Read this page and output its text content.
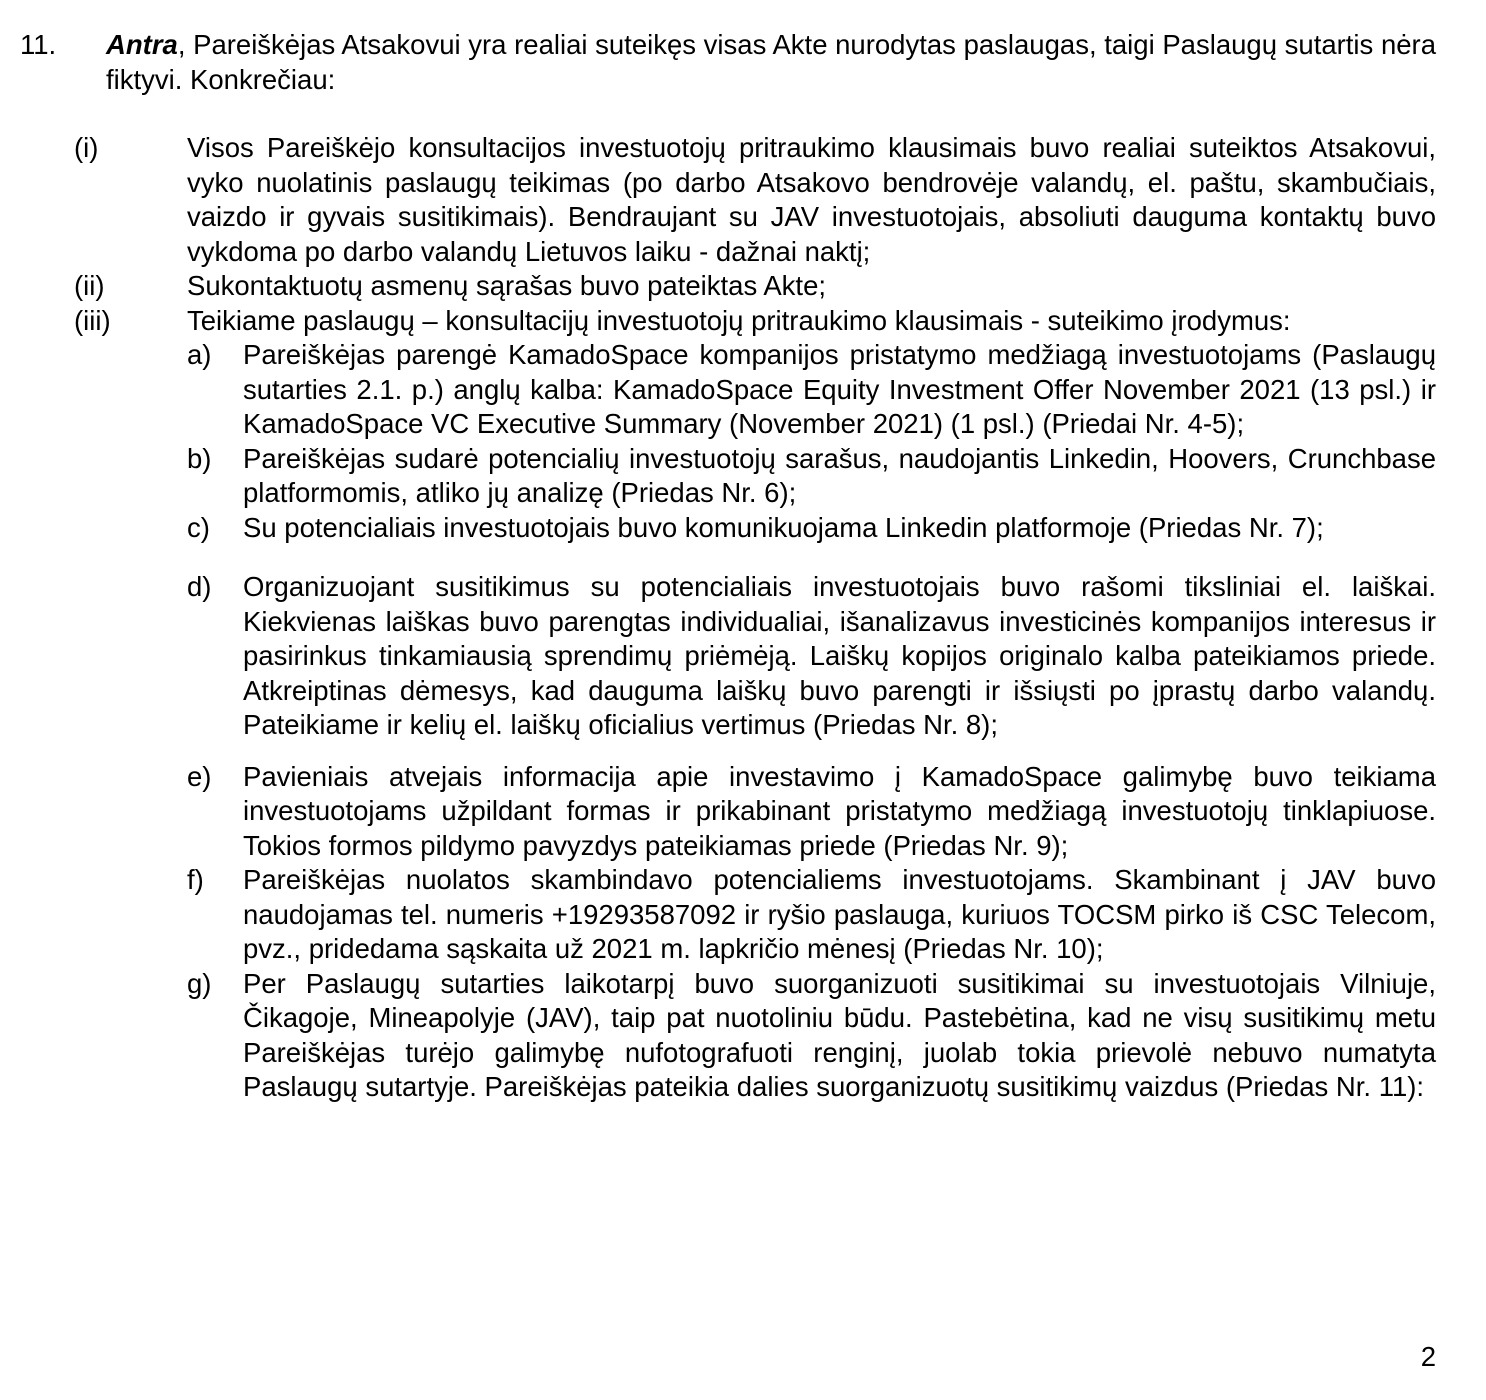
11. Antra, Pareiškėjas Atsakovui yra realiai suteikęs visas Akte nurodytas paslaugas, taigi Paslaugų sutartis nėra fiktyvi. Konkrečiau:
(i)	Visos Pareiškėjo konsultacijos investuotojų pritraukimo klausimais buvo realiai suteiktos Atsakovui, vyko nuolatinis paslaugų teikimas (po darbo Atsakovo bendrovėje valandų, el. paštu, skambučiais, vaizdo ir gyvais susitikimais). Bendraujant su JAV investuotojais, absoliuti dauguma kontaktų buvo vykdoma po darbo valandų Lietuvos laiku - dažnai naktį;
(ii)	Sukontaktuotų asmenų sąrašas buvo pateiktas Akte;
(iii)	Teikiame paslaugų – konsultacijų investuotojų pritraukimo klausimais - suteikimo įrodymus:
a)	Pareiškėjas parengė KamadoSpace kompanijos pristatymo medžiagą investuotojams (Paslaugų sutarties 2.1. p.) anglų kalba: KamadoSpace Equity Investment Offer November 2021 (13 psl.) ir KamadoSpace VC Executive Summary (November 2021) (1 psl.) (Priedai Nr. 4-5);
b)	Pareiškėjas sudarė potencialių investuotojų sarašus, naudojantis Linkedin, Hoovers, Crunchbase platformomis, atliko jų analizę (Priedas Nr. 6);
c)	Su potencialiais investuotojais buvo komunikuojama Linkedin platformoje (Priedas Nr. 7);
d)	Organizuojant susitikimus su potencialiais investuotojais buvo rašomi tiksliniai el. laiškai. Kiekvienas laiškas buvo parengtas individualiai, išanalizavus investicinės kompanijos interesus ir pasirinkus tinkamiausią sprendimų priėmėją. Laiškų kopijos originalo kalba pateikiamos priede. Atkreiptinas dėmesys, kad dauguma laiškų buvo parengti ir išsiųsti po įprastų darbo valandų. Pateikiame ir kelių el. laiškų oficialius vertimus (Priedas Nr. 8);
e)	Pavieniais atvejais informacija apie investavimo į KamadoSpace galimybę buvo teikiama investuotojams užpildant formas ir prikabinant pristatymo medžiagą investuotojų tinklapiuose. Tokios formos pildymo pavyzdys pateikiamas priede (Priedas Nr. 9);
f)	Pareiškėjas nuolatos skambindavo potencialiems investuotojams. Skambinant į JAV buvo naudojamas tel. numeris +19293587092 ir ryšio paslauga, kuriuos TOCSM pirko iš CSC Telecom, pvz., pridedama sąskaita už 2021 m. lapkričio mėnesį (Priedas Nr. 10);
g)	Per Paslaugų sutarties laikotarpį buvo suorganizuoti susitikimai su investuotojais Vilniuje, Čikagoje, Mineapolyje (JAV), taip pat nuotoliniu būdu. Pastebėtina, kad ne visų susitikimų metu Pareiškėjas turėjo galimybę nufotografuoti renginį, juolab tokia prievolė nebuvo numatyta Paslaugų sutartyje. Pareiškėjas pateikia dalies suorganizuotų susitikimų vaizdus (Priedas Nr. 11):
2
